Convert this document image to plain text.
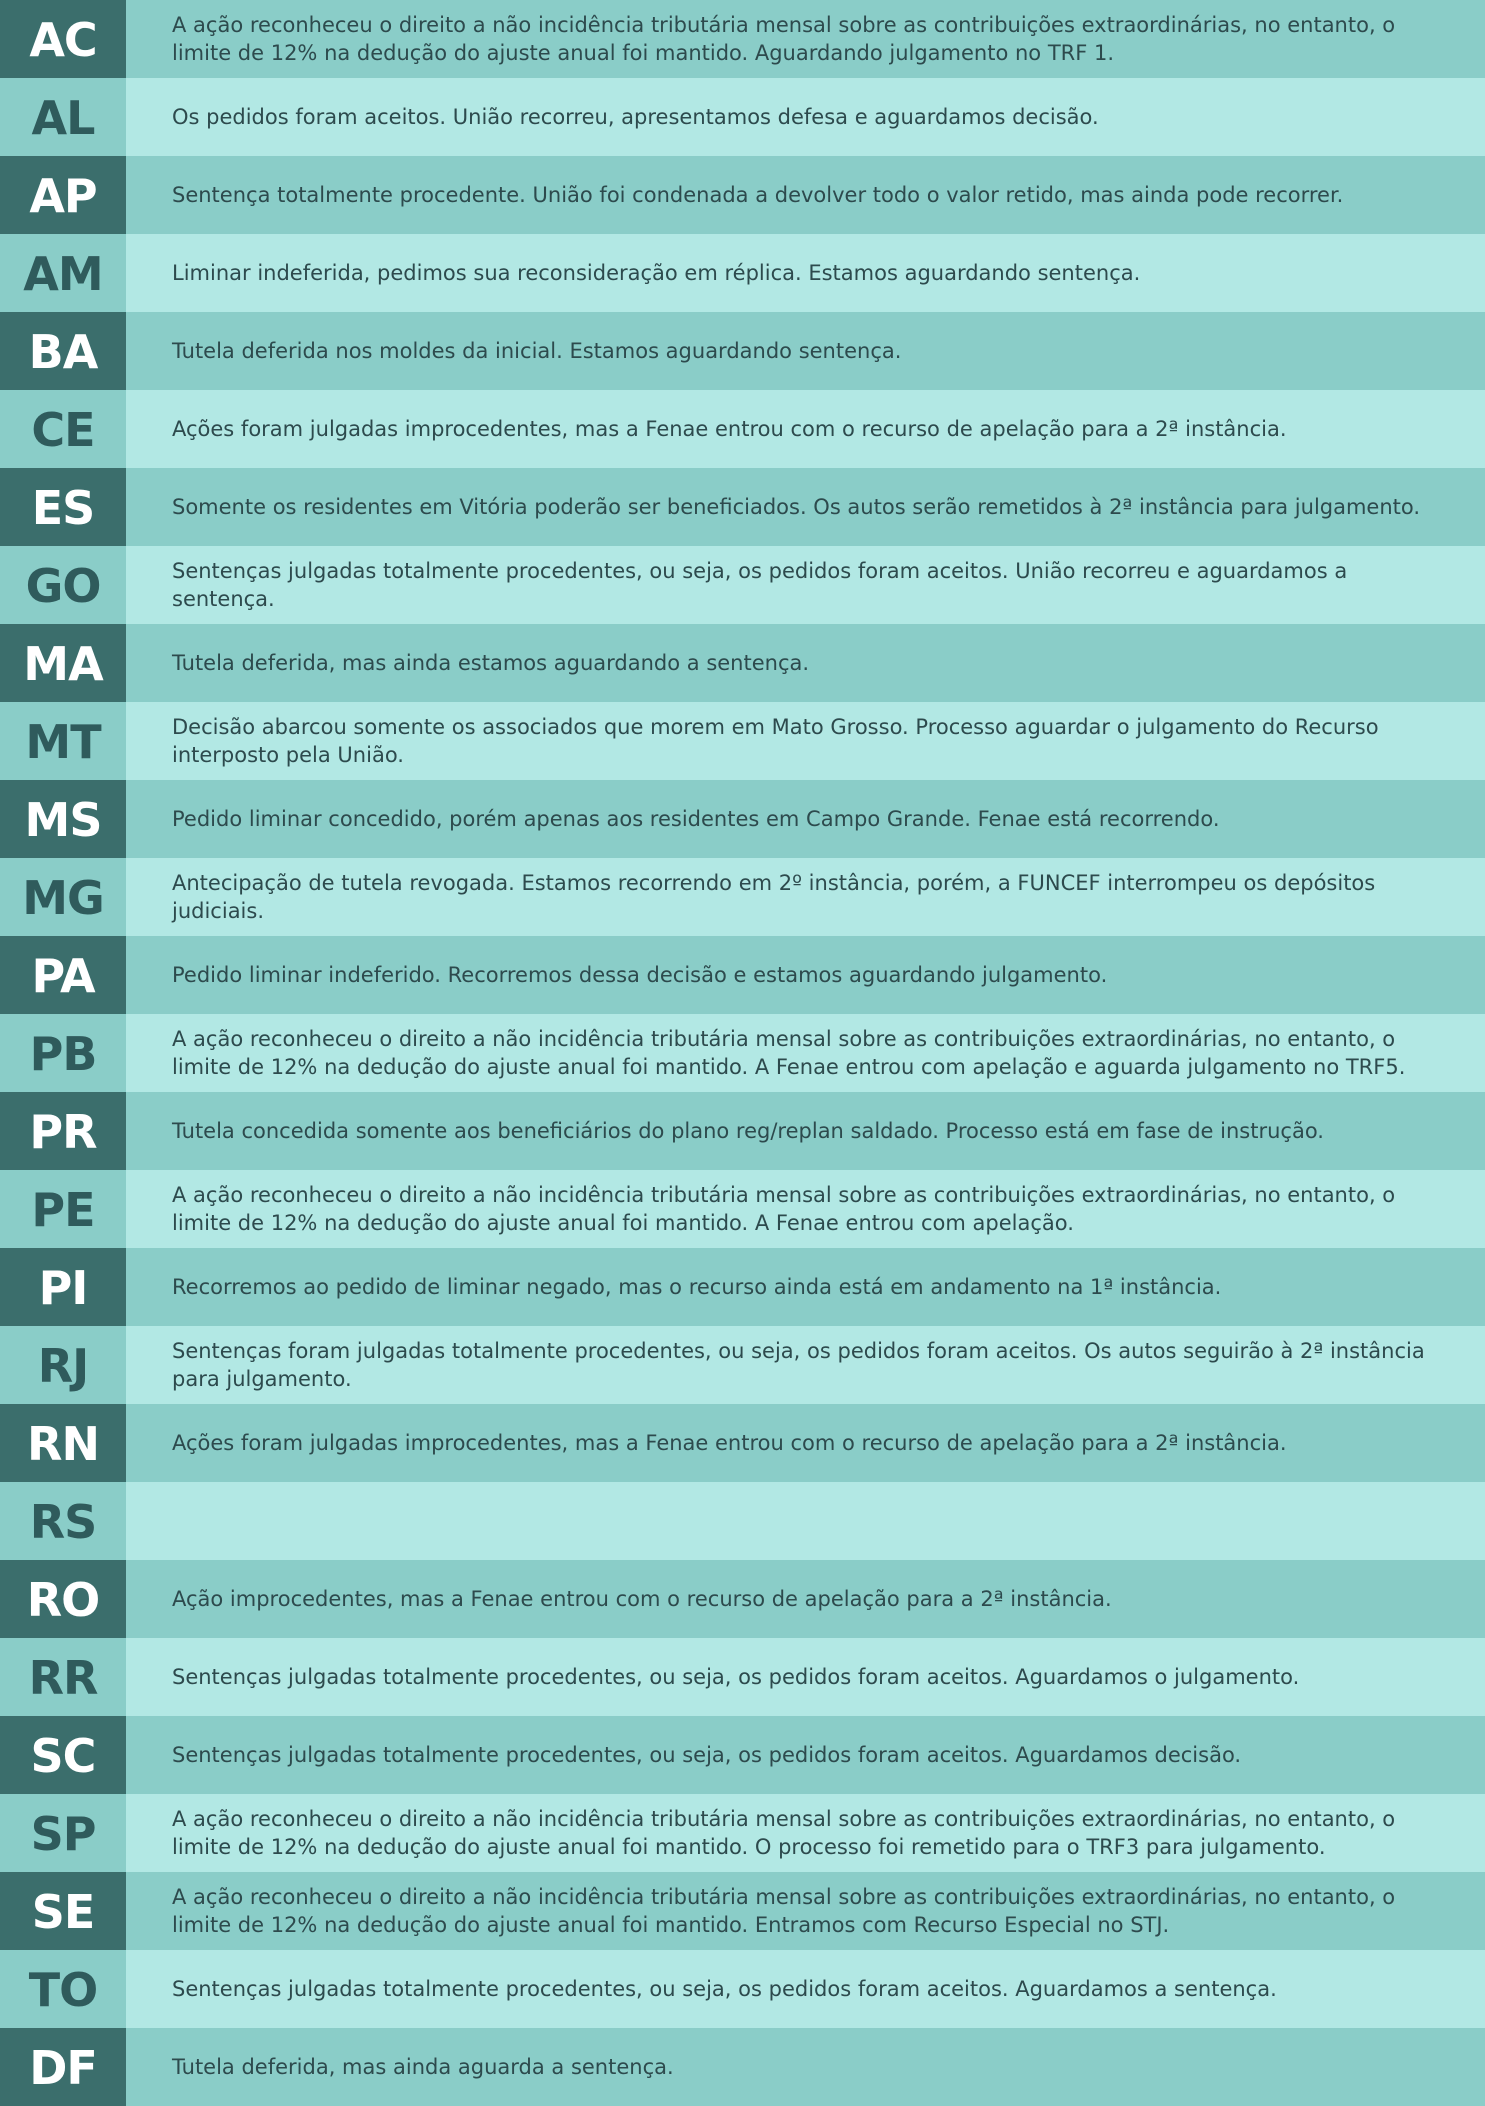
AC	A ação reconheceu o direito a não incidência tributária mensal sobre as contribuições extraordinárias, no entanto, o limite de 12% na dedução do ajuste anual foi mantido. Aguardando julgamento no TRF 1.
AL	Os pedidos foram aceitos. União recorreu, apresentamos defesa e aguardamos decisão.
AP	Sentença totalmente procedente. União foi condenada a devolver todo o valor retido, mas ainda pode recorrer.
AM	Liminar indeferida, pedimos sua reconsideração em réplica. Estamos aguardando sentença.
BA	Tutela deferida nos moldes da inicial. Estamos aguardando sentença.
CE	Ações foram julgadas improcedentes, mas a Fenae entrou com o recurso de apelação para a 2ª instância.
ES	Somente os residentes em Vitória poderão ser beneficiados. Os autos serão remetidos à 2ª instância para julgamento.
GO	Sentenças julgadas totalmente procedentes, ou seja, os pedidos foram aceitos. União recorreu e aguardamos a sentença.
MA	Tutela deferida, mas ainda estamos aguardando a sentença.
MT	Decisão abarcou somente os associados que morem em Mato Grosso. Processo aguardar o julgamento do Recurso interposto pela União.
MS	Pedido liminar concedido, porém apenas aos residentes em Campo Grande. Fenae está recorrendo.
MG	Antecipação de tutela revogada. Estamos recorrendo em 2º instância, porém, a FUNCEF interrompeu os depósitos judiciais.
PA	Pedido liminar indeferido. Recorremos dessa decisão e estamos aguardando julgamento.
PB	A ação reconheceu o direito a não incidência tributária mensal sobre as contribuições extraordinárias, no entanto, o limite de 12% na dedução do ajuste anual foi mantido. A Fenae entrou com apelação e aguarda julgamento no TRF5.
PR	Tutela concedida somente aos beneficiários do plano reg/replan saldado. Processo está em fase de instrução.
PE	A ação reconheceu o direito a não incidência tributária mensal sobre as contribuições extraordinárias, no entanto, o limite de 12% na dedução do ajuste anual foi mantido. A Fenae entrou com apelação.
PI	Recorremos ao pedido de liminar negado, mas o recurso ainda está em andamento na 1ª instância.
RJ	Sentenças foram julgadas totalmente procedentes, ou seja, os pedidos foram aceitos. Os autos seguirão à 2ª instância para julgamento.
RN	Ações foram julgadas improcedentes, mas a Fenae entrou com o recurso de apelação para a 2ª instância.
RS
RO	Ação improcedentes, mas a Fenae entrou com o recurso de apelação para a 2ª instância.
RR	Sentenças julgadas totalmente procedentes, ou seja, os pedidos foram aceitos. Aguardamos o julgamento.
SC	Sentenças julgadas totalmente procedentes, ou seja, os pedidos foram aceitos. Aguardamos decisão.
SP	A ação reconheceu o direito a não incidência tributária mensal sobre as contribuições extraordinárias, no entanto, o limite de 12% na dedução do ajuste anual foi mantido. O processo foi remetido para o TRF3 para julgamento.
SE	A ação reconheceu o direito a não incidência tributária mensal sobre as contribuições extraordinárias, no entanto, o limite de 12% na dedução do ajuste anual foi mantido. Entramos com Recurso Especial no STJ.
TO	Sentenças julgadas totalmente procedentes, ou seja, os pedidos foram aceitos. Aguardamos a sentença.
DF	Tutela deferida, mas ainda aguarda a sentença.
